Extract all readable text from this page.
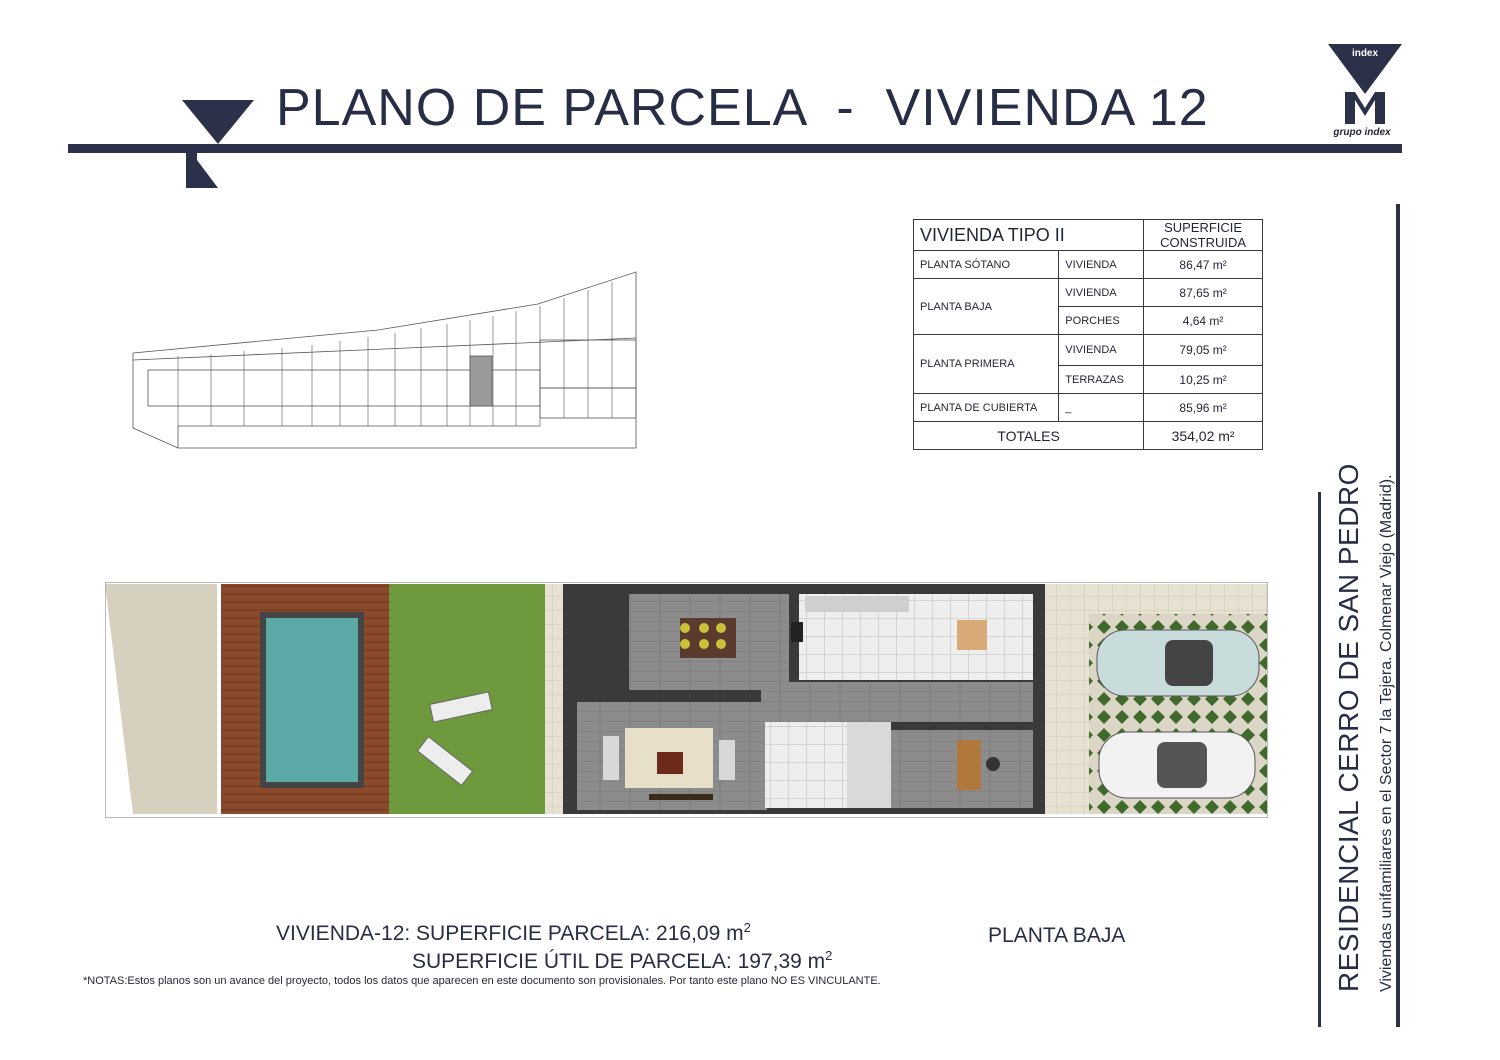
PLANO DE PARCELA  -  VIVIENDA 12
index
grupo index
VIVIENDA TIPO II		SUPERFICIE CONSTRUIDA
PLANTA SÓTANO	VIVIENDA	86,47 m²
PLANTA BAJA	VIVIENDA	87,65 m²
	PORCHES	4,64 m²
PLANTA PRIMERA	VIVIENDA	79,05 m²
	TERRAZAS	10,25 m²
PLANTA DE CUBIERTA	_	85,96 m²
TOTALES		354,02 m²
VIVIENDA-12: SUPERFICIE PARCELA: 216,09 $m^2$
SUPERFICIE ÚTIL DE PARCELA: 197,39 $m^2$
PLANTA BAJA
*NOTAS:Estos planos son un avance del proyecto, todos los datos que aparecen en este documento son provisionales. Por tanto este plano NO ES VINCULANTE.	RESIDENCIAL CERRO DE SAN PEDRO Viviendas unifamiliares en el Sector 7 la Tejera. Colmenar Viejo (Madrid).
